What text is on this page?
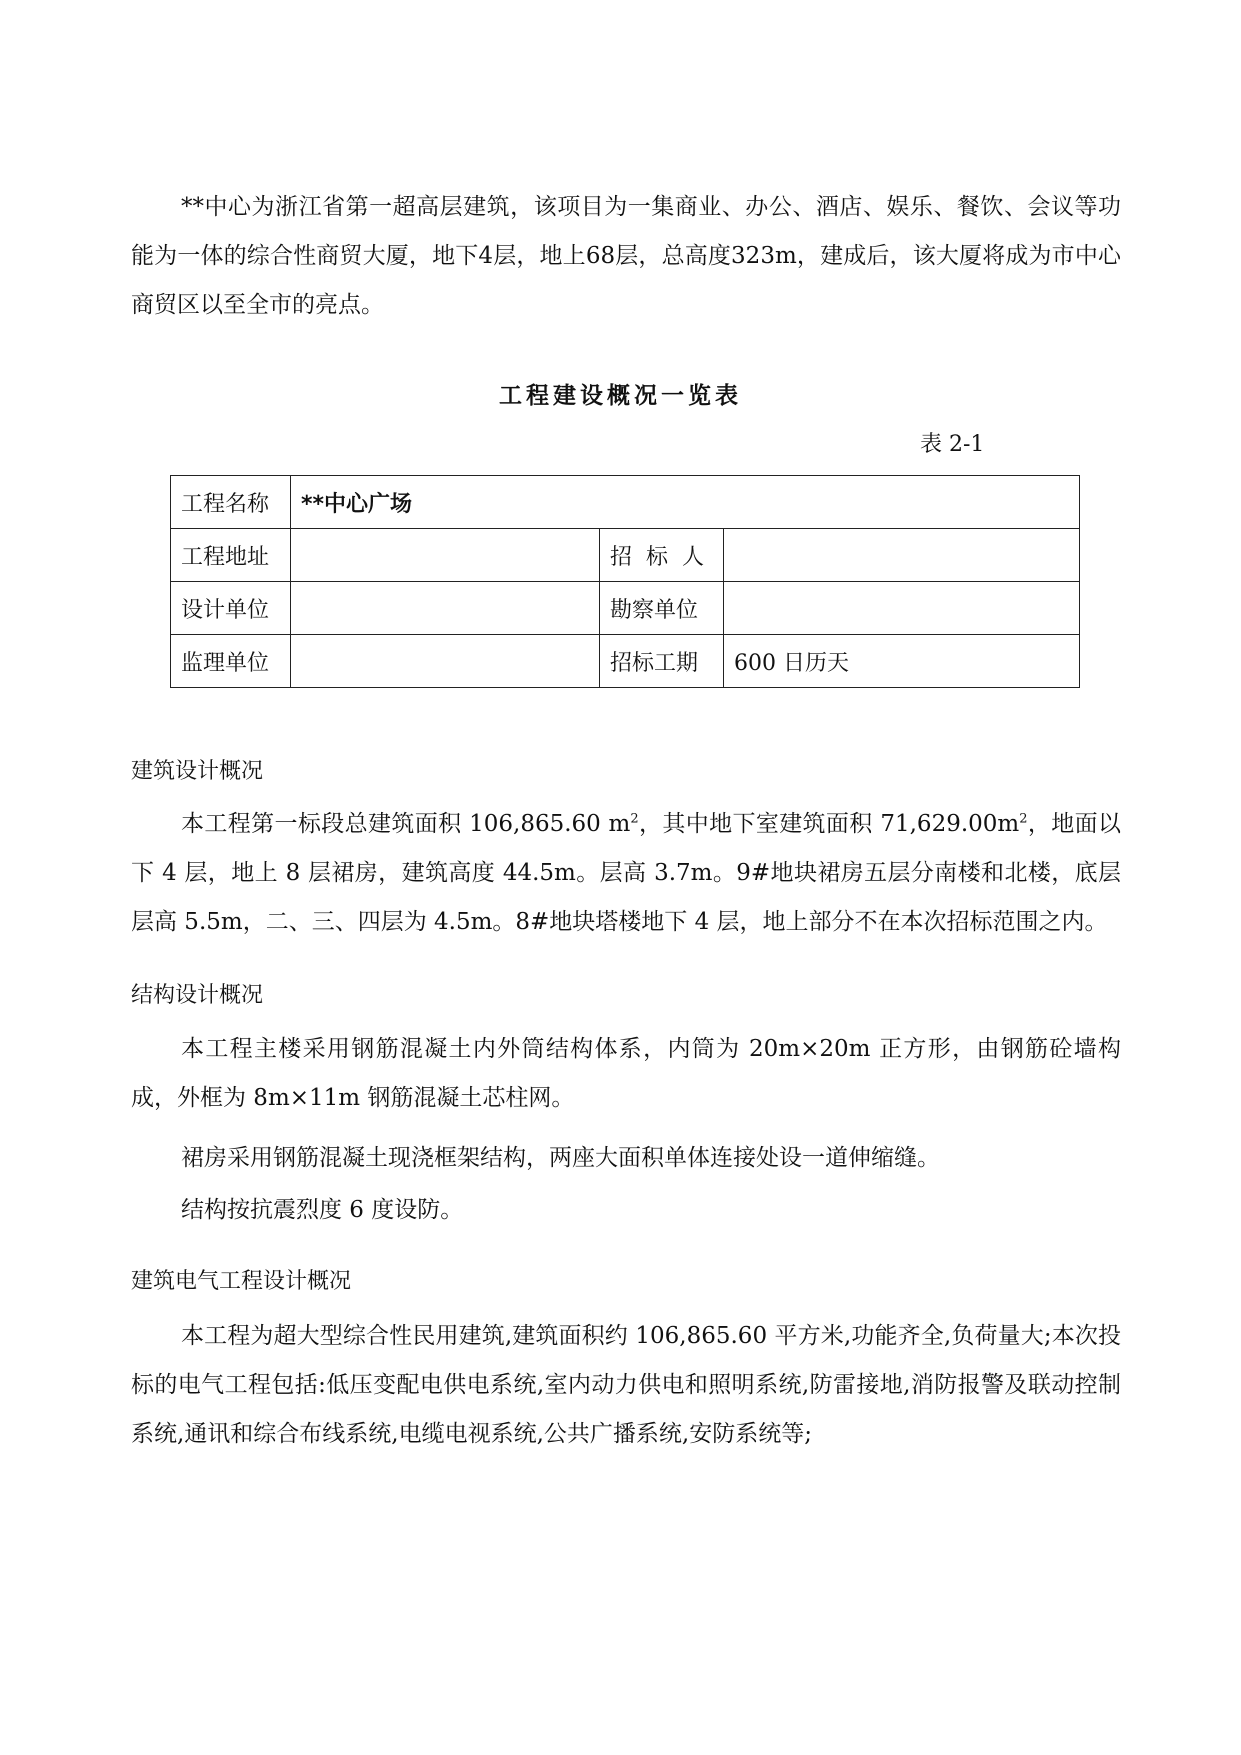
**中心为浙江省第一超高层建筑，该项目为一集商业、办公、酒店、娱乐、餐饮、会议等功能为一体的综合性商贸大厦，地下4层，地上68层，总高度323m，建成后，该大厦将成为市中心商贸区以至全市的亮点。

工程建设概况一览表

表 2-1

工程名称	**中心广场		
工程地址		招  标  人	
设计单位		勘察单位	
监理单位		招标工期	600 日历天
建筑设计概况

本工程第一标段总建筑面积 106,865.60 $m^2$，其中地下室建筑面积 $71,629.00m^2$，地面以下 4 层，地上 8 层裙房，建筑高度 44.5m。层高 3.7m。9#地块裙房五层分南楼和北楼，底层层高 5.5m，二、三、四层为 4.5m。8#地块塔楼地下 4 层，地上部分不在本次招标范围之内。

结构设计概况

本工程主楼采用钢筋混凝土内外筒结构体系，内筒为 20m×20m 正方形，由钢筋砼墙构成，外框为 8m×11m 钢筋混凝土芯柱网。

裙房采用钢筋混凝土现浇框架结构，两座大面积单体连接处设一道伸缩缝。

结构按抗震烈度 6 度设防。

建筑电气工程设计概况

本工程为超大型综合性民用建筑,建筑面积约 106,865.60 平方米,功能齐全,负荷量大;本次投标的电气工程包括:低压变配电供电系统,室内动力供电和照明系统,防雷接地,消防报警及联动控制系统,通讯和综合布线系统,电缆电视系统,公共广播系统,安防系统等;
